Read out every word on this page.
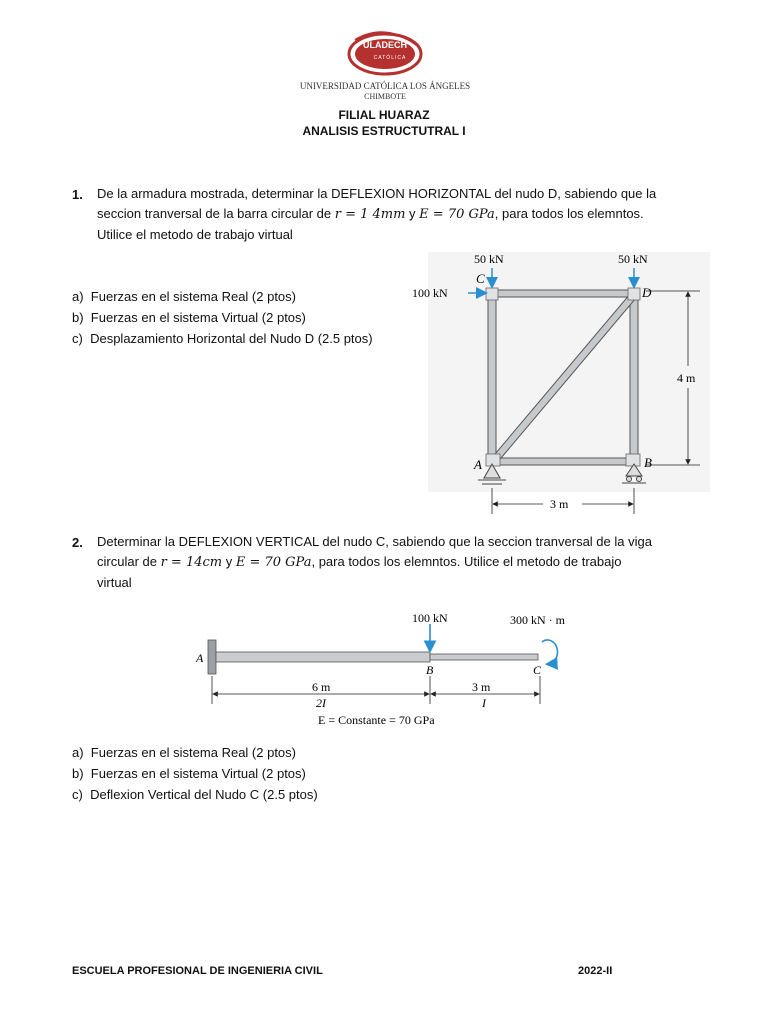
ULADECH
CATÓLICA
UNIVERSIDAD CATÓLICA LOS ÁNGELES
CHIMBOTE
FILIAL HUARAZ
ANALISIS ESTRUCTUTRAL I
1. De la armadura mostrada, determinar la DEFLEXION HORIZONTAL del nudo D, sabiendo que la
seccion tranversal de la barra circular de r = 1 4mm y E = 70 GPa, para todos los elemntos.
Utilice el metodo de trabajo virtual
a) Fuerzas en el sistema Real (2 ptos)
b) Fuerzas en el sistema Virtual (2 ptos)
c) Desplazamiento Horizontal del Nudo D (2.5 ptos)
50 kN	50 kN
100 kN
C
D
A	B
4 m
3 m
2. Determinar la DEFLEXION VERTICAL del nudo C, sabiendo que la seccion tranversal de la viga
circular de r = 14cm y E = 70 GPa, para todos los elemntos. Utilice el metodo de trabajo
virtual
100 kN	300 kN · m
A
B	C
6 m
2I
3 m
I
E = Constante = 70 GPa
a) Fuerzas en el sistema Real (2 ptos)
b) Fuerzas en el sistema Virtual (2 ptos)
c) Deflexion Vertical del Nudo C (2.5 ptos)
ESCUELA PROFESIONAL DE INGENIERIA CIVIL	2022-II
